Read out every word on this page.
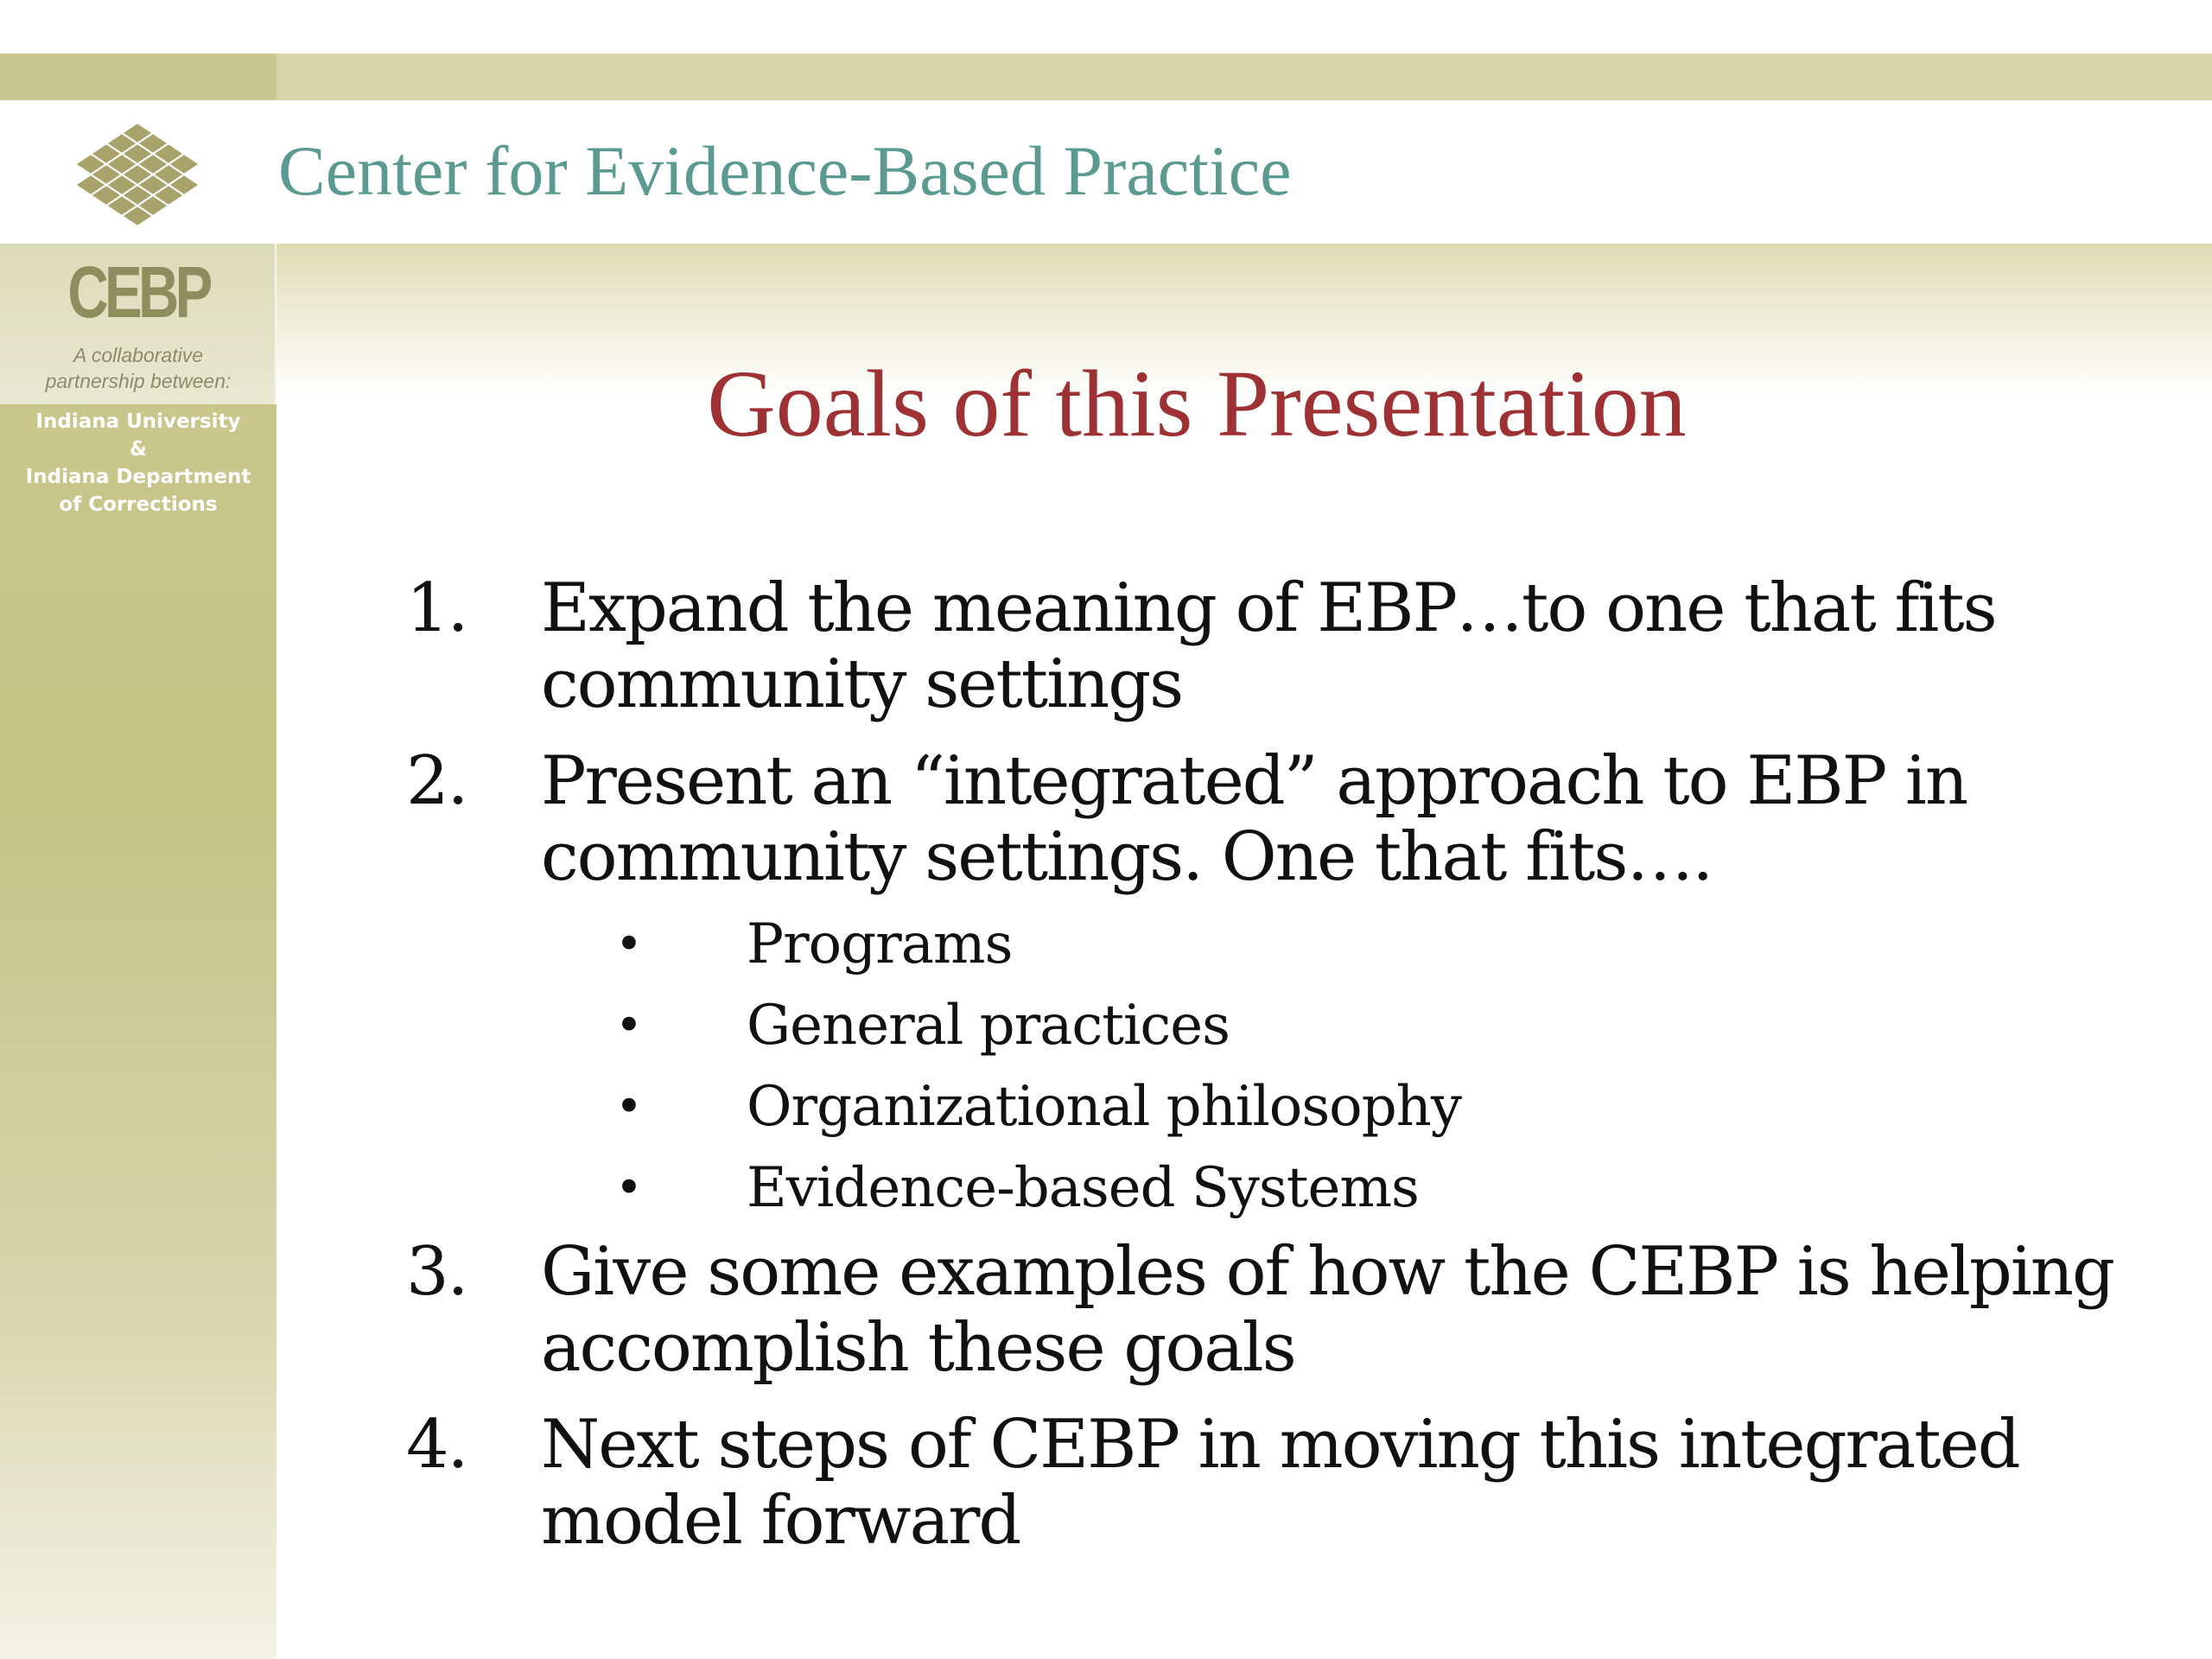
Center for Evidence-Based Practice
CEBP
A collaborative
partnership between:
Indiana University
&
Indiana Department
of Corrections
Goals of this Presentation
1.	Expand the meaning of EBP…to one that fits
community settings
2.	Present an “integrated” approach to EBP in
community settings. One that fits….
• Programs
• General practices
• Organizational philosophy
• Evidence-based Systems
3.	Give some examples of how the CEBP is helping
accomplish these goals
4.	Next steps of CEBP in moving this integrated
model forward
